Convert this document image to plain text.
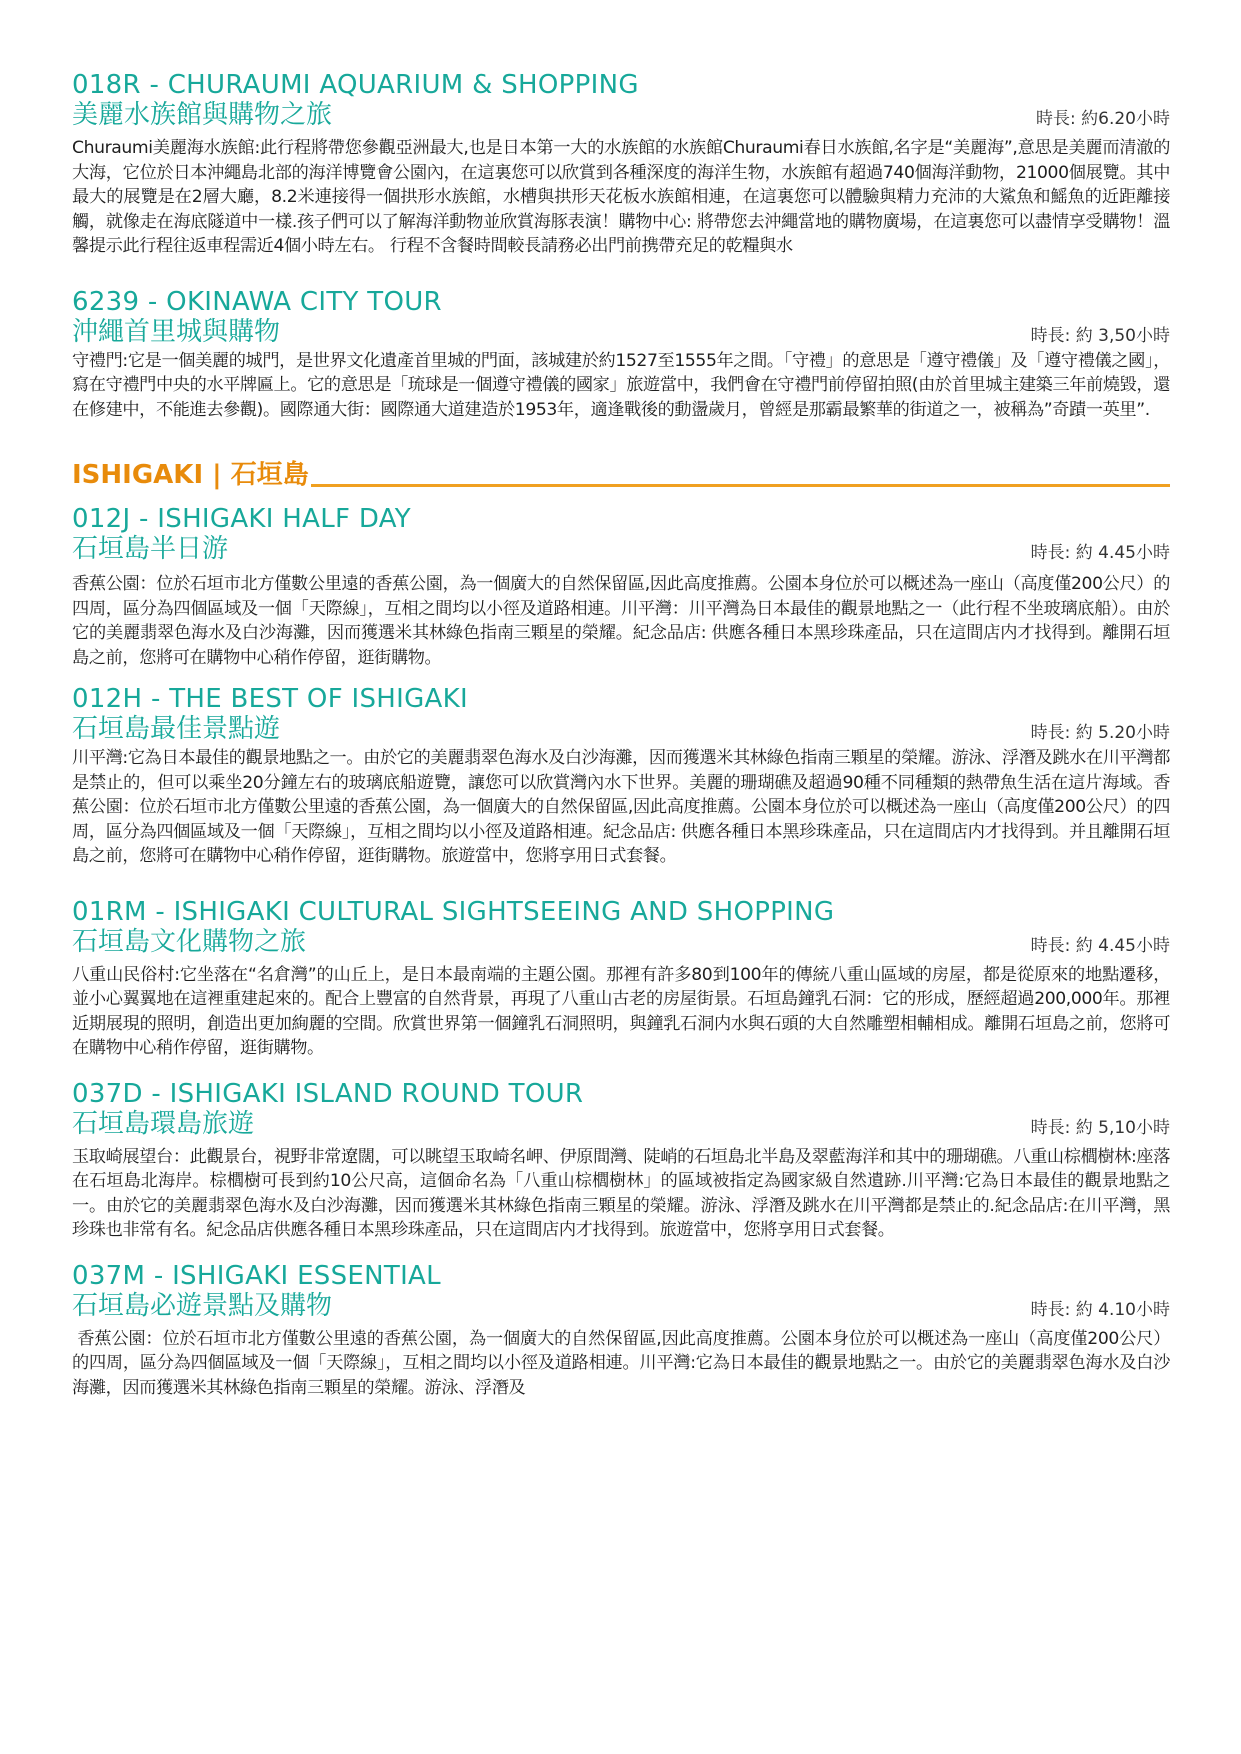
018R - CHURAUMI AQUARIUM & SHOPPING
美麗水族館與購物之旅	時長: 約6.20小時
Churaumi美麗海水族館:此行程將帶您參觀亞洲最大,也是日本第一大的水族館的水族館Churaumi春日水族館,名字是“美麗海”,意思是美麗而清澈的大海，它位於日本沖繩島北部的海洋博覽會公園內，在這裏您可以欣賞到各種深度的海洋生物，水族館有超過740個海洋動物，21000個展覽。其中最大的展覽是在2層大廳，8.2米連接得一個拱形水族館，水槽與拱形天花板水族館相連，在這裏您可以體驗與精力充沛的大鯊魚和鰩魚的近距離接觸，就像走在海底隧道中一樣.孩子們可以了解海洋動物並欣賞海豚表演！購物中心: 將帶您去沖繩當地的購物廣場，在這裏您可以盡情享受購物！溫馨提示此行程往返車程需近4個小時左右。 行程不含餐時間較長請務必出門前携帶充足的乾糧與水
6239 - OKINAWA CITY TOUR
沖繩首里城與購物	時長: 約 3,50小時
守禮門:它是一個美麗的城門，是世界文化遺產首里城的門面，該城建於約1527至1555年之間。「守禮」的意思是「遵守禮儀」及「遵守禮儀之國」，寫在守禮門中央的水平牌匾上。它的意思是「琉球是一個遵守禮儀的國家」旅遊當中，我們會在守禮門前停留拍照(由於首里城主建築三年前燒毀，還在修建中，不能進去參觀)。國際通大街：國際通大道建造於1953年，適逢戰後的動盪歲月，曾經是那霸最繁華的街道之一，被稱為”奇蹟一英里”.
ISHIGAKI | 石垣島
012J - ISHIGAKI HALF DAY
石垣島半日游	時長: 約 4.45小時
香蕉公園：位於石垣市北方僅數公里遠的香蕉公園，為一個廣大的自然保留區,因此高度推薦。公園本身位於可以概述為一座山（高度僅200公尺）的四周，區分為四個區域及一個「天際線」，互相之間均以小徑及道路相連。川平灣：川平灣為日本最佳的觀景地點之一（此行程不坐玻璃底船）。由於它的美麗翡翠色海水及白沙海灘，因而獲選米其林綠色指南三顆星的榮耀。紀念品店: 供應各種日本黑珍珠產品，只在這間店内才找得到。離開石垣島之前，您將可在購物中心稍作停留，逛街購物。
012H - THE BEST OF ISHIGAKI
石垣島最佳景點遊	時長: 約 5.20小時
川平灣:它為日本最佳的觀景地點之一。由於它的美麗翡翠色海水及白沙海灘，因而獲選米其林綠色指南三顆星的榮耀。游泳、浮潛及跳水在川平灣都是禁止的，但可以乘坐20分鐘左右的玻璃底船遊覽，讓您可以欣賞灣內水下世界。美麗的珊瑚礁及超過90種不同種類的熱帶魚生活在這片海域。香蕉公園：位於石垣市北方僅數公里遠的香蕉公園，為一個廣大的自然保留區,因此高度推薦。公園本身位於可以概述為一座山（高度僅200公尺）的四周，區分為四個區域及一個「天際線」，互相之間均以小徑及道路相連。紀念品店: 供應各種日本黑珍珠產品，只在這間店内才找得到。并且離開石垣島之前，您將可在購物中心稍作停留，逛街購物。旅遊當中，您將享用日式套餐。
01RM - ISHIGAKI CULTURAL SIGHTSEEING AND SHOPPING
石垣島文化購物之旅	時長: 約 4.45小時
八重山民俗村:它坐落在“名倉灣”的山丘上，是日本最南端的主題公園。那裡有許多80到100年的傳統八重山區域的房屋，都是從原來的地點遷移，並小心翼翼地在這裡重建起來的。配合上豐富的自然背景，再現了八重山古老的房屋街景。石垣島鐘乳石洞：它的形成，歷經超過200,000年。那裡近期展現的照明，創造出更加絢麗的空間。欣賞世界第一個鐘乳石洞照明，與鐘乳石洞内水與石頭的大自然雕塑相輔相成。離開石垣島之前，您將可在購物中心稍作停留，逛街購物。
037D - ISHIGAKI ISLAND ROUND TOUR
石垣島環島旅遊	時長: 約 5,10小時
玉取崎展望台：此觀景台，視野非常遼闊，可以眺望玉取崎名岬、伊原間灣、陡峭的石垣島北半島及翠藍海洋和其中的珊瑚礁。八重山棕櫚樹林:座落在石垣島北海岸。棕櫚樹可長到約10公尺高，這個命名為「八重山棕櫚樹林」的區域被指定為國家級自然遺跡.川平灣:它為日本最佳的觀景地點之一。由於它的美麗翡翠色海水及白沙海灘，因而獲選米其林綠色指南三顆星的榮耀。游泳、浮潛及跳水在川平灣都是禁止的.紀念品店:在川平灣，黑珍珠也非常有名。紀念品店供應各種日本黑珍珠產品，只在這間店内才找得到。旅遊當中，您將享用日式套餐。
037M - ISHIGAKI ESSENTIAL
石垣島必遊景點及購物	時長: 約 4.10小時
香蕉公園：位於石垣市北方僅數公里遠的香蕉公園，為一個廣大的自然保留區,因此高度推薦。公園本身位於可以概述為一座山（高度僅200公尺）的四周，區分為四個區域及一個「天際線」，互相之間均以小徑及道路相連。川平灣:它為日本最佳的觀景地點之一。由於它的美麗翡翠色海水及白沙海灘，因而獲選米其林綠色指南三顆星的榮耀。游泳、浮潛及
